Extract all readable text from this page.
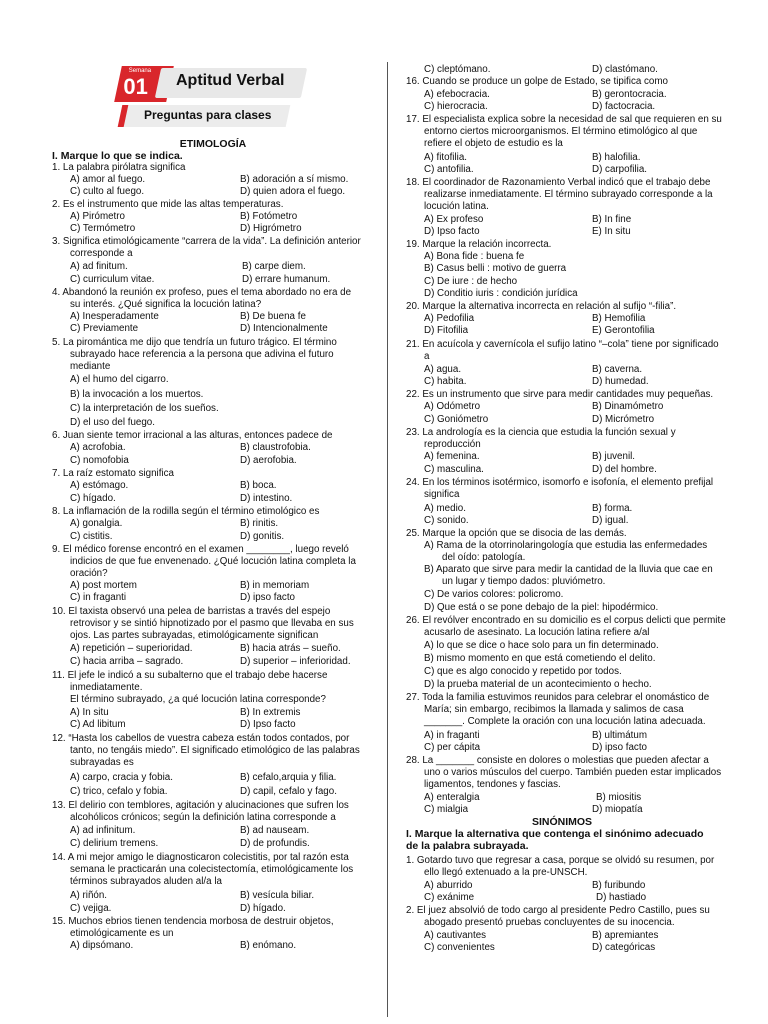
Semana
01 Aptitud Verbal
Preguntas para clases
ETIMOLOGÍA
I. Marque lo que se indica.
SINÓNIMOS
I. Marque la alternativa que contenga el sinónimo adecuado de la palabra subrayada.
1. La palabra pirólatra significa
A) amor al fuego.	B) adoración a sí mismo.
C) culto al fuego.	D) quien adora el fuego.
2. Es el instrumento que mide las altas temperaturas.
A) Pirómetro	B) Fotómetro
C) Termómetro	D) Higrómetro
3. Significa etimológicamente “carrera de la vida”. La definición anterior
corresponde a
A) ad finitum.	B) carpe diem.
C) curriculum vitae.	D) errare humanum.
4. Abandonó la reunión ex profeso, pues el tema abordado no era de
su interés. ¿Qué significa la locución latina?
A) Inesperadamente	B) De buena fe
C) Previamente	D) Intencionalmente
5. La piromántica me dijo que tendría un futuro trágico. El término
subrayado hace referencia a la persona que adivina el futuro
mediante
A) el humo del cigarro.
B) la invocación a los muertos.
C) la interpretación de los sueños.
D) el uso del fuego.
6. Juan siente temor irracional a las alturas, entonces padece de
A) acrofobia.	B) claustrofobia.
C) nomofobia	D) aerofobia.
7. La raíz estomato significa
A) estómago.	B) boca.
C) hígado.	D) intestino.
8. La inflamación de la rodilla según el término etimológico es
A) gonalgia.	B) rinitis.
C) cistitis.	D) gonitis.
9. El médico forense encontró en el examen ________, luego reveló
indicios de que fue envenenado. ¿Qué locución latina completa la
oración?
A) post mortem	B) in memoriam
C) in fraganti	D) ipso facto
10. El taxista observó una pelea de barristas a través del espejo
retrovisor y se sintió hipnotizado por el pasmo que llevaba en sus
ojos. Las partes subrayadas, etimológicamente significan
A) repetición – superioridad.	B) hacia atrás – sueño.
C) hacia arriba – sagrado.	D) superior – inferioridad.
11. El jefe le indicó a su subalterno que el trabajo debe hacerse
inmediatamente.
El término subrayado, ¿a qué locución latina corresponde?
A) In situ	B) In extremis
C) Ad libitum	D) Ipso facto
12. “Hasta los cabellos de vuestra cabeza están todos contados, por
tanto, no tengáis miedo”. El significado etimológico de las palabras
subrayadas es
A) carpo, cracia y fobia.	B) cefalo,arquia y filia.
C) trico, cefalo y fobia.	D) capil, cefalo y fago.
13. El delirio con temblores, agitación y alucinaciones que sufren los
alcohólicos crónicos; según la definición latina corresponde a
A) ad infinitum.	B) ad nauseam.
C) delirium tremens.	D) de profundis.
14. A mi mejor amigo le diagnosticaron colecistitis, por tal razón esta
semana le practicarán una colecistectomía, etimológicamente los
términos subrayados aluden al/a la
A) riñón.	B) vesícula biliar.
C) vejiga.	D) hígado.
15. Muchos ebrios tienen tendencia morbosa de destruir objetos,
etimológicamente es un
A) dipsómano.	B) enómano.
C) cleptómano.	D) clastómano.
16. Cuando se produce un golpe de Estado, se tipifica como
A) efebocracia.	B) gerontocracia.
C) hierocracia.	D) factocracia.
17. El especialista explica sobre la necesidad de sal que requieren en su
entorno ciertos microorganismos. El término etimológico al que
refiere el objeto de estudio es la
A) fitofilia.	B) halofilia.
C) antofilia.	D) carpofilia.
18. El coordinador de Razonamiento Verbal indicó que el trabajo debe
realizarse inmediatamente. El término subrayado corresponde a la
locución latina.
A) Ex profeso	B) In fine
D) Ipso facto	E) In situ
19. Marque la relación incorrecta.
A) Bona fide : buena fe
B) Casus belli : motivo de guerra
C) De iure : de hecho
D) Conditio iuris : condición jurídica
20. Marque la alternativa incorrecta en relación al sufijo “-filia”.
A) Pedofilia	B) Hemofilia
D) Fitofilia	E) Gerontofilia
21. En acuícola y cavernícola el sufijo latino “–cola” tiene por significado
a
A) agua.	B) caverna.
C) habita.	D) humedad.
22. Es un instrumento que sirve para medir cantidades muy pequeñas.
A) Odómetro	B) Dinamómetro
C) Goniómetro	D) Micrómetro
23. La andrología es la ciencia que estudia la función sexual y
reproducción
A) femenina.	B) juvenil.
C) masculina.	D) del hombre.
24. En los términos isotérmico, isomorfo e isofonía, el elemento prefijal
significa
A) medio.	B) forma.
C) sonido.	D) igual.
25. Marque la opción que se disocia de las demás.
A) Rama de la otorrinolaringología que estudia las enfermedades
del oído: patología.
B) Aparato que sirve para medir la cantidad de la lluvia que cae en
un lugar y tiempo dados: pluviómetro.
C) De varios colores: policromo.
D) Que está o se pone debajo de la piel: hipodérmico.
26. El revólver encontrado en su domicilio es el corpus delicti que permite
acusarlo de asesinato. La locución latina refiere a/al
A) lo que se dice o hace solo para un fin determinado.
B) mismo momento en que está cometiendo el delito.
C) que es algo conocido y repetido por todos.
D) la prueba material de un acontecimiento o hecho.
27. Toda la familia estuvimos reunidos para celebrar el onomástico de
María; sin embargo, recibimos la llamada y salimos de casa
_______. Complete la oración con una locución latina adecuada.
A) in fraganti	B) ultimátum
C) per cápita	D) ipso facto
28. La _______ consiste en dolores o molestias que pueden afectar a
uno o varios músculos del cuerpo. También pueden estar implicados
ligamentos, tendones y fascias.
A) enteralgia	B) miositis
C) mialgia	D) miopatía
1. Gotardo tuvo que regresar a casa, porque se olvidó su resumen, por
ello llegó extenuado a la pre-UNSCH.
A) aburrido	B) furibundo
C) exánime	D) hastiado
2. El juez absolvió de todo cargo al presidente Pedro Castillo, pues su
abogado presentó pruebas concluyentes de su inocencia.
A) cautivantes	B) apremiantes
C) convenientes	D) categóricas
